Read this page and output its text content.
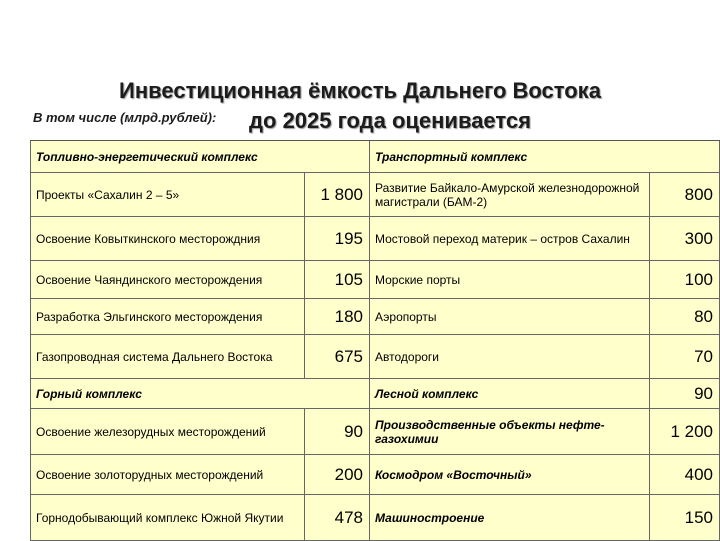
Инвестиционная ёмкость Дальнего Востока
В том числе (млрд.рублей):	до 2025 года оценивается
Топливно-энергетический комплекс	Транспортный комплекс
Проекты «Сахалин 2 – 5»	1 800	Развитие Байкало-Амурской железнодорожной магистрали (БАМ-2)	800
Освоение Ковыткинского месторождния	195	Мостовой переход материк – остров Сахалин	300
Освоение Чаяндинского месторождения	105	Морские порты	100
Разработка Эльгинского месторождения	180	Аэропорты	80
Газопроводная система Дальнего Востока	675	Автодороги	70
Горный комплекс	Лесной комплекс	90
Освоение железорудных месторождений	90	Производственные объекты нефте-газохимии	1 200
Освоение золоторудных месторождений	200	Космодром «Восточный»	400
Горнодобывающий комплекс Южной Якутии	478	Машиностроение	150
